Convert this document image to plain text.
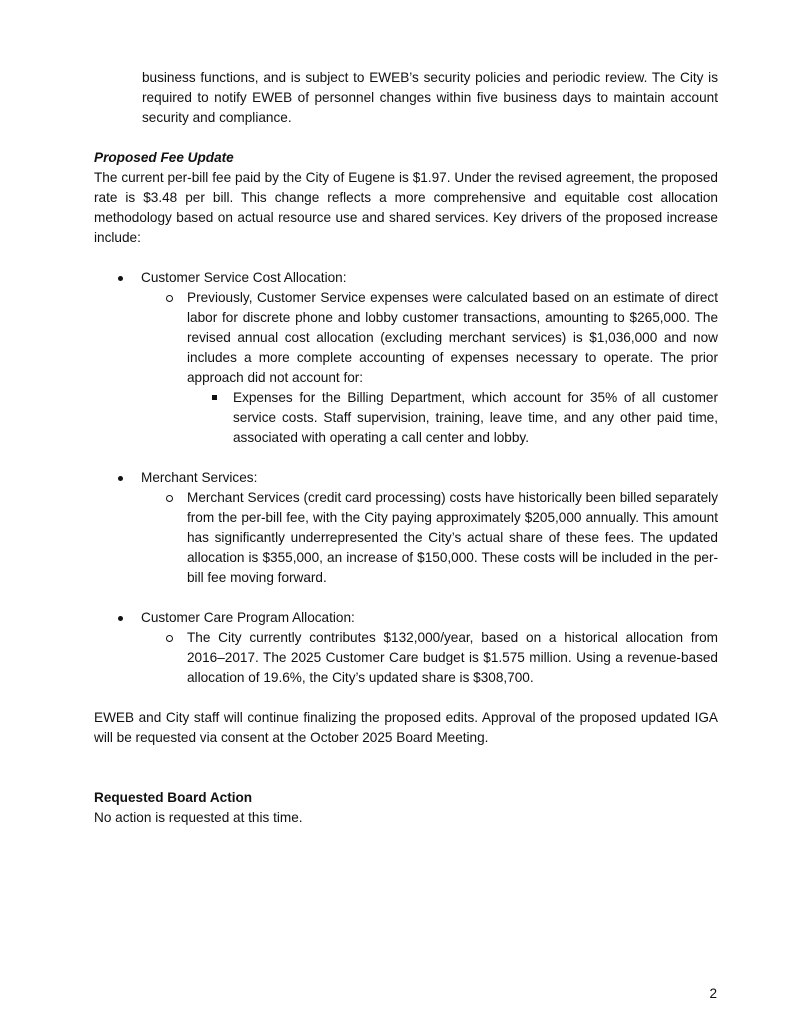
business functions, and is subject to EWEB’s security policies and periodic review. The City is required to notify EWEB of personnel changes within five business days to maintain account security and compliance.

Proposed Fee Update

The current per-bill fee paid by the City of Eugene is $1.97. Under the revised agreement, the proposed rate is $3.48 per bill. This change reflects a more comprehensive and equitable cost allocation methodology based on actual resource use and shared services. Key drivers of the proposed increase include:

Customer Service Cost Allocation:

Previously, Customer Service expenses were calculated based on an estimate of direct labor for discrete phone and lobby customer transactions, amounting to $265,000. The revised annual cost allocation (excluding merchant services) is $1,036,000 and now includes a more complete accounting of expenses necessary to operate. The prior approach did not account for:

Expenses for the Billing Department, which account for 35% of all customer service costs. Staff supervision, training, leave time, and any other paid time, associated with operating a call center and lobby.

Merchant Services:

Merchant Services (credit card processing) costs have historically been billed separately from the per-bill fee, with the City paying approximately $205,000 annually. This amount has significantly underrepresented the City’s actual share of these fees. The updated allocation is $355,000, an increase of $150,000. These costs will be included in the per-bill fee moving forward.

Customer Care Program Allocation:

The City currently contributes $132,000/year, based on a historical allocation from 2016–2017. The 2025 Customer Care budget is $1.575 million. Using a revenue-based allocation of 19.6%, the City’s updated share is $308,700.

EWEB and City staff will continue finalizing the proposed edits. Approval of the proposed updated IGA will be requested via consent at the October 2025 Board Meeting.

Requested Board Action

No action is requested at this time.

2
